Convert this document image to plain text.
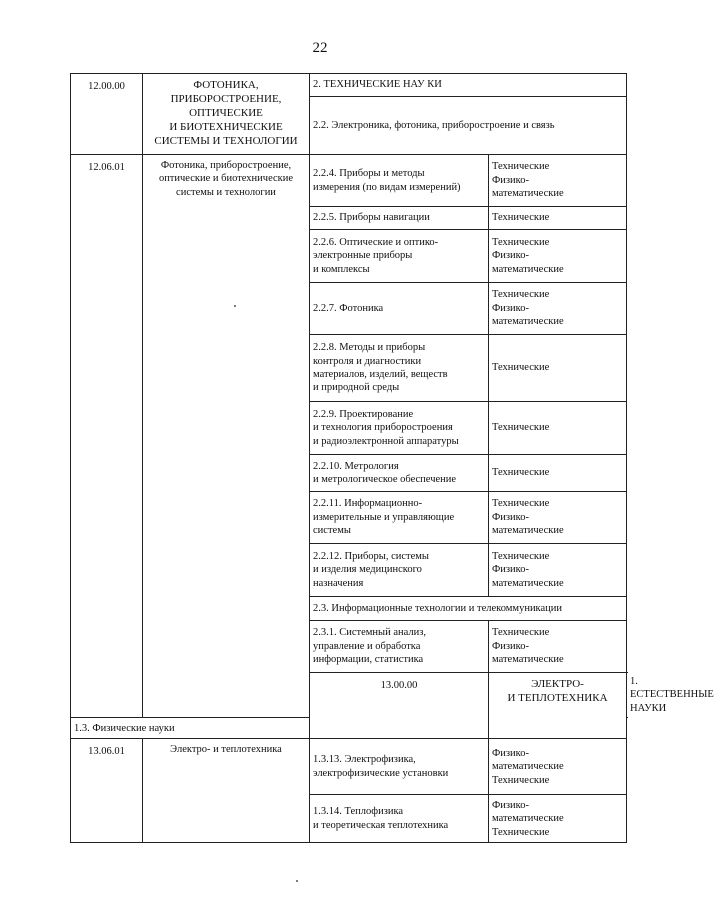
22
12.00.00	ФОТОНИКА,
ПРИБОРОСТРОЕНИЕ,
ОПТИЧЕСКИЕ
И БИОТЕХНИЧЕСКИЕ
СИСТЕМЫ И ТЕХНОЛОГИИ	2. ТЕХНИЧЕСКИЕ НАУ КИ		
		2.2. Электроника, фотоника, приборостроение и связь		
12.06.01	Фотоника, приборостроение,
оптические и биотехнические
системы и технологии	2.2.4. Приборы и методы
измерения (по видам измерений)	Технические
Физико-
математические	
		2.2.5. Приборы навигации	Технические	
		2.2.6. Оптические и оптико-
электронные приборы
и комплексы	Технические
Физико-
математические	
		2.2.7. Фотоника	Технические
Физико-
математические	
		2.2.8. Методы и приборы
контроля и диагностики
материалов, изделий, веществ
и природной среды	Технические	
		2.2.9. Проектирование
и технология приборостроения
и радиоэлектронной аппаратуры	Технические	
		2.2.10. Метрология
и метрологическое обеспечение	Технические	
		2.2.11. Информационно-
измерительные и управляющие
системы	Технические
Физико-
математические	
		2.2.12. Приборы, системы
и изделия медицинского
назначения	Технические
Физико-
математические	
		2.3. Информационные технологии и телекоммуникации		
		2.3.1. Системный анализ,
управление и обработка
информации, статистика	Технические
Физико-
математические	
		13.00.00	ЭЛЕКТРО-
И ТЕПЛОТЕХНИКА	1. ЕСТЕСТВЕННЫЕ НАУКИ
1.3. Физические науки				
13.06.01	Электро- и теплотехника	1.3.13. Электрофизика,
электрофизические установки	Физико-
математические
Технические	
		1.3.14. Теплофизика
и теоретическая теплотехника	Физико-
математические
Технические	
